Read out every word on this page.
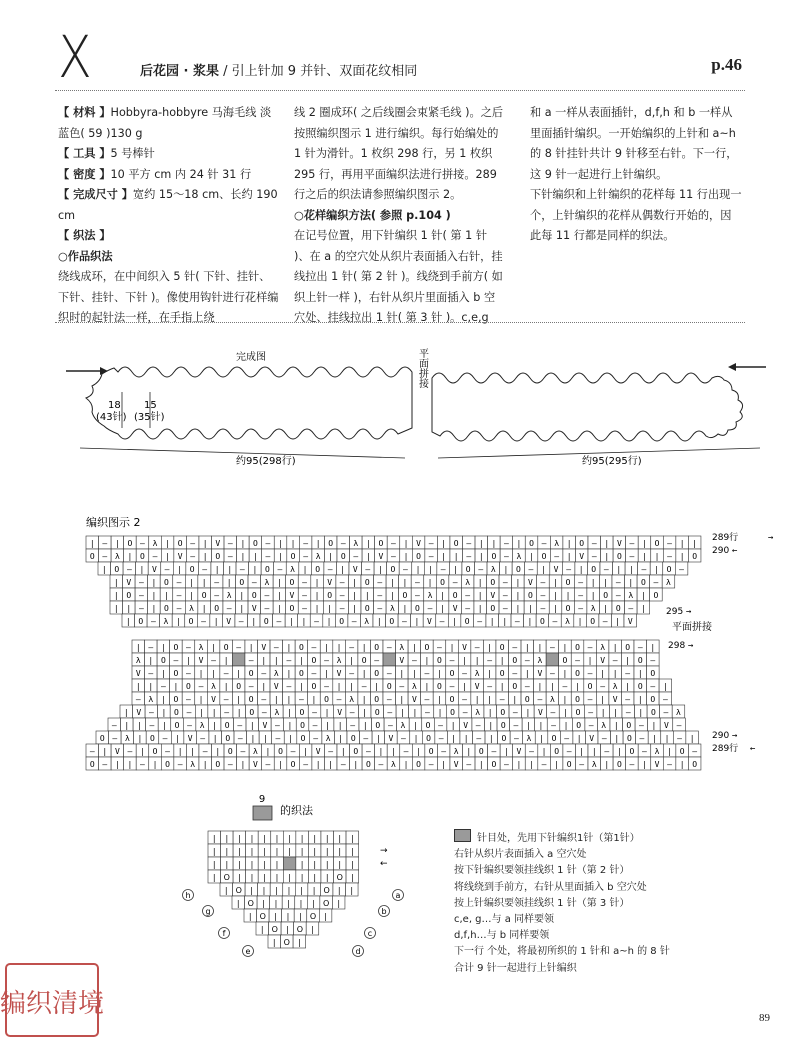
X	后花园 · 浆果 / 引上针加 9 并针、双面花纹相同	p.46

【 材料 】Hobbyra-hobbyre 马海毛线 淡蓝色( 59 )130 g

【 工具 】5 号棒针

【 密度 】10 平方 cm 内 24 针 31 行

【 完成尺寸 】宽约 15～18 cm、长约 190 cm

【 织法 】

○作品织法

绕线成环，在中间织入 5 针( 下针、挂针、下针、挂针、下针 )。像使用钩针进行花样编织时的起针法一样，在手指上绕

线 2 圈成环( 之后线圈会束紧毛线 )。之后按照编织图示 1 进行编织。每行始编处的 1 针为滑针。1 枚织 298 行，另 1 枚织 295 行，再用平面编织法进行拼接。289 行之后的织法请参照编织图示 2。

○花样编织方法( 参照 p.104 )

在记号位置，用下针编织 1 针( 第 1 针 )、在 a 的空穴处从织片表面插入右针，挂线拉出 1 针( 第 2 针 )。线绕到手前方( 如织上针一样 )，右针从织片里面插入 b 空穴处、挂线拉出 1 针( 第 3 针 )。c,e,g

和 a 一样从表面插针，d,f,h 和 b 一样从里面插针编织。一开始编织的上针和 a~h 的 8 针挂针共计 9 针移至右针。下一行，这 9 针一起进行上针编织。

下针编织和上针编织的花样每 11 行出现一个，上针编织的花样从偶数行开始的，因此每 11 行都是同样的织法。

完成图	平面拼接
18
(43针)
15
(35针)
约95(298行)	约95(295行)
编织图示 2
| — | O — λ | O — | V — | O — | | — | O — λ | O — | V — | O — | | — | O — λ | O — | V — | O — | |
O — λ | O — | V — | O — | | — | O — λ | O — | V — | O — | | — | O — λ | O — | V — | O — | | — | O
| O — | V — | O — | | — | O — λ | O — | V — | O — | | — | O — λ | O — | V — | O — | | — | O —
| V — | O — | | — | O — λ | O — | V — | O — | | — | O — λ | O — | V — | O — | | — | O — λ
| O — | | — | O — λ | O — | V — | O — | | — | O — λ | O — | V — | O — | | — | O — λ | O
| | — | O — λ | O — | V — | O — | | — | O — λ | O — | V — | O — | | — | O — λ | O — |
| O — λ | O — | V — | O — | | — | O — λ | O — | V — | O — | | — | O — λ | O — | V
| — | O — λ | O — | V — | O — | | — | O — λ | O — | V — | O — | | — | O — λ | O — |
λ | O — | V — |	— | | — | O — λ | O —	V — | O — | | — | O — λ	O — | V — | O —
V — | O — | | — | O — λ | O — | V — | O — | | — | O — λ | O — | V — | O — | | — | O
| | — | O — λ | O — | V — | O — | | — | O — λ | O — | V — | O — | | — | O — λ | O — |
— λ | O — | V — | O — | | — | O — λ | O — | V — | O — | | — | O — λ | O — | V — | O —
| V — | O — | | — | O — λ | O — | V — | O — | | — | O — λ | O — | V — | O — | | — | O — λ
— | | — | O — λ | O — | V — | O — | | — | O — λ | O — | V — | O — | | — | O — λ | O — | V —
O — λ | O — | V — | O — | | — | O — λ | O — | V — | O — | | — | O — λ | O — | V — | O — | | — |
— | V — | O — | | — | O — λ | O — | V — | O — | | — | O — λ | O — | V — | O — | | — | O — λ | O —
O — | | — | O — λ | O — | V — | O — | | — | O — λ | O — | V — | O — | | — | O — λ | O — | V — | O
289行	→
290 ←
295 →
平面拼接
298 →
290 →
289行 ←
9
的织法
| | | | | | | | | | | |
| | | | | | | | | | | |
| | | | | |	| | | | |
| O | | | | | | | | O |
| O | | | | | | O | |
| O | | | | | O |
| O | | | O |
| O | O |
| O |
a
b
c
d
e
f
g
h
→
←

针目处，先用下针编织1针（第1针）

右针从织片表面插入 a 空穴处

按下针编织要领挂线织 1 针（第 2 针）

将线绕到手前方，右针从里面插入 b 空穴处

按上针编织要领挂线织 1 针（第 3 针）

c,e, g…与 a 同样要领

d,f,h…与 b 同样要领

下一行 个处，将最初所织的 1 针和 a~h 的 8 针

合计 9 针一起进行上针编织

编织清境	89
